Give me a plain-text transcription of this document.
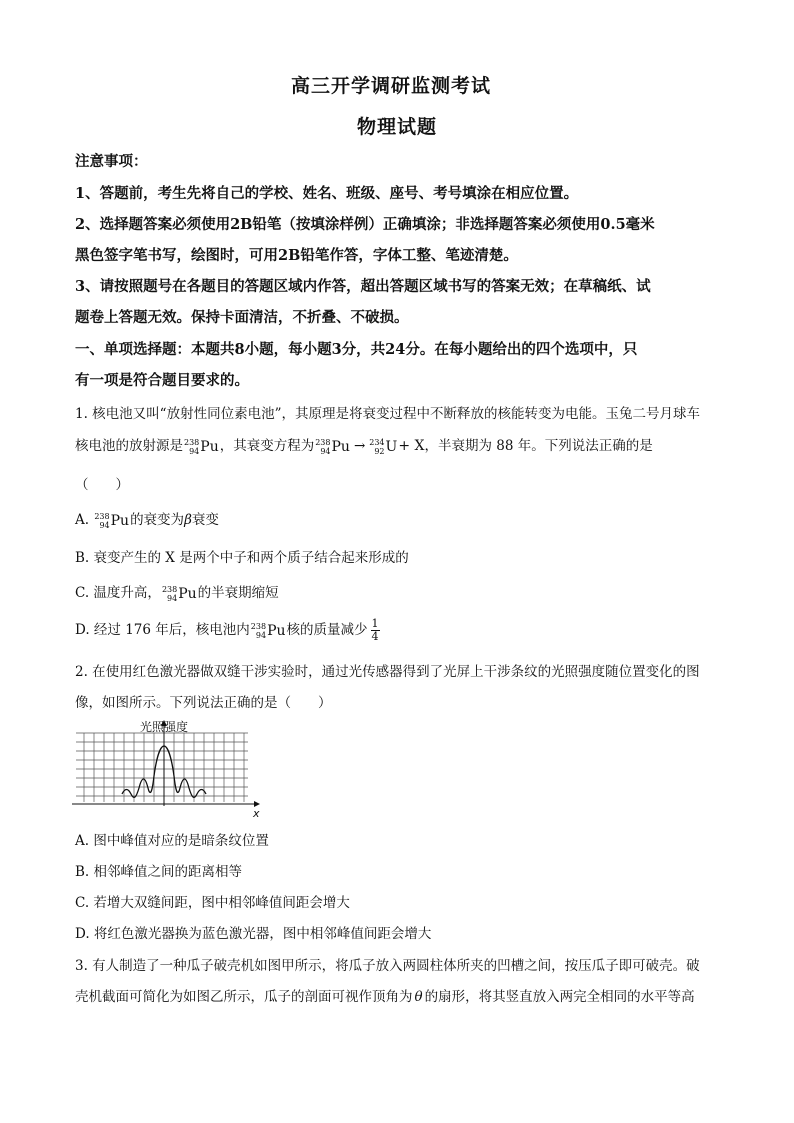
高三开学调研监测考试
物理试题
注意事项：
1、答题前，考生先将自己的学校、姓名、班级、座号、考号填涂在相应位置。
2、选择题答案必须使用2B铅笔（按填涂样例）正确填涂；非选择题答案必须使用0.5毫米
黑色签字笔书写，绘图时，可用2B铅笔作答，字体工整、笔迹清楚。
3、请按照题号在各题目的答题区域内作答，超出答题区域书写的答案无效；在草稿纸、试
题卷上答题无效。保持卡面清洁，不折叠、不破损。
一、单项选择题：本题共8小题，每小题3分，共24分。在每小题给出的四个选项中，只
有一项是符合题目要求的。
1. 核电池又叫“放射性同位素电池”，其原理是将衰变过程中不断释放的核能转变为电能。玉兔二号月球车
核电池的放射源是 238
94 Pu，其衰变方程为 238
94 Pu → 234
92 U+ X，半衰期为 88 年。下列说法正确的是
（　　）
A. 238
94 Pu的衰变为β衰变
B. 衰变产生的 X 是两个中子和两个质子结合起来形成的
C. 温度升高， 238
94 Pu的半衰期缩短
D. 经过 176 年后，核电池内 238
94 Pu核的质量减少 $\frac{1}{4}$
2. 在使用红色激光器做双缝干涉实验时，通过光传感器得到了光屏上干涉条纹的光照强度随位置变化的图
像，如图所示。下列说法正确的是（　　）
光照强度
x
A. 图中峰值对应的是暗条纹位置
B. 相邻峰值之间的距离相等
C. 若增大双缝间距，图中相邻峰值间距会增大
D. 将红色激光器换为蓝色激光器，图中相邻峰值间距会增大
3. 有人制造了一种瓜子破壳机如图甲所示，将瓜子放入两圆柱体所夹的凹槽之间，按压瓜子即可破壳。破
壳机截面可简化为如图乙所示，瓜子的剖面可视作顶角为 θ 的扇形，将其竖直放入两完全相同的水平等高
